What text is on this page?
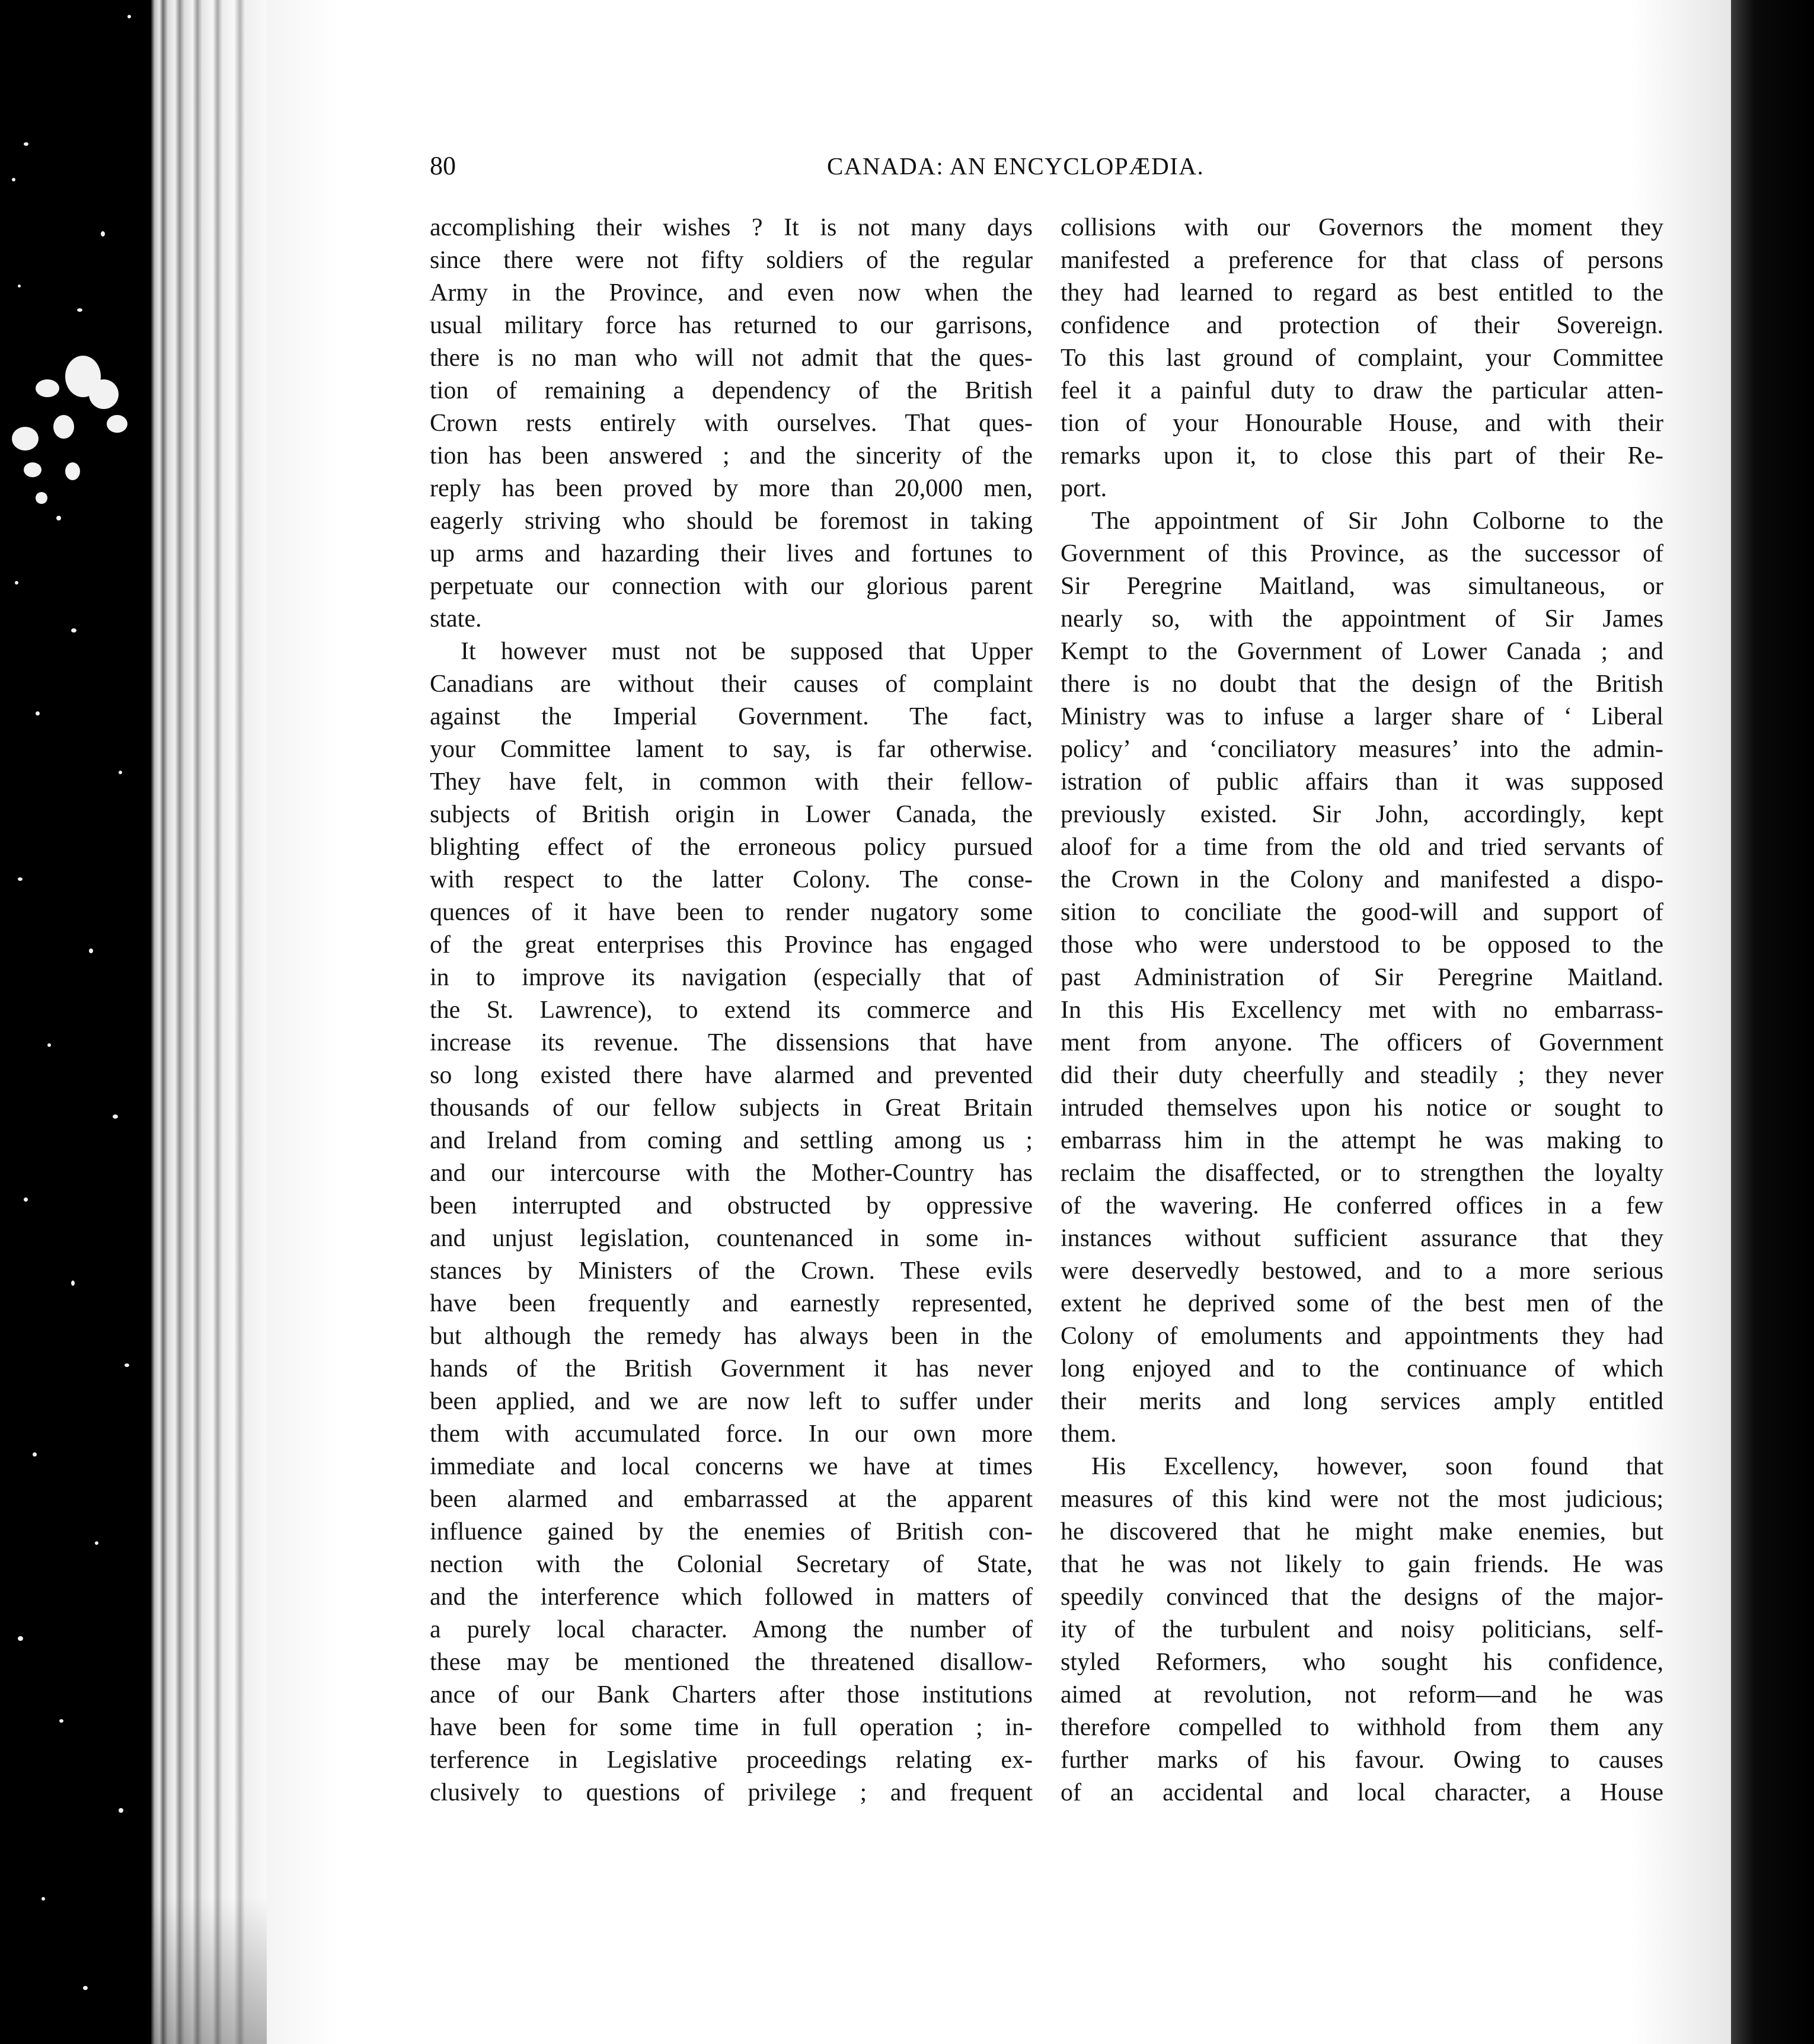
80	CANADA: AN ENCYCLOPÆDIA.
accomplishing their wishes ? It is not many days
since there were not fifty soldiers of the regular
Army in the Province, and even now when the
usual military force has returned to our garrisons,
there is no man who will not admit that the ques-
tion of remaining a dependency of the British
Crown rests entirely with ourselves. That ques-
tion has been answered ; and the sincerity of the
reply has been proved by more than 20,000 men,
eagerly striving who should be foremost in taking
up arms and hazarding their lives and fortunes to
perpetuate our connection with our glorious parent
state.
It however must not be supposed that Upper
Canadians are without their causes of complaint
against the Imperial Government. The fact,
your Committee lament to say, is far otherwise.
They have felt, in common with their fellow-
subjects of British origin in Lower Canada, the
blighting effect of the erroneous policy pursued
with respect to the latter Colony. The conse-
quences of it have been to render nugatory some
of the great enterprises this Province has engaged
in to improve its navigation (especially that of
the St. Lawrence), to extend its commerce and
increase its revenue. The dissensions that have
so long existed there have alarmed and prevented
thousands of our fellow subjects in Great Britain
and Ireland from coming and settling among us ;
and our intercourse with the Mother-Country has
been interrupted and obstructed by oppressive
and unjust legislation, countenanced in some in-
stances by Ministers of the Crown. These evils
have been frequently and earnestly represented,
but although the remedy has always been in the
hands of the British Government it has never
been applied, and we are now left to suffer under
them with accumulated force. In our own more
immediate and local concerns we have at times
been alarmed and embarrassed at the apparent
influence gained by the enemies of British con-
nection with the Colonial Secretary of State,
and the interference which followed in matters of
a purely local character. Among the number of
these may be mentioned the threatened disallow-
ance of our Bank Charters after those institutions
have been for some time in full operation ; in-
terference in Legislative proceedings relating ex-
clusively to questions of privilege ; and frequent
collisions with our Governors the moment they
manifested a preference for that class of persons
they had learned to regard as best entitled to the
confidence and protection of their Sovereign.
To this last ground of complaint, your Committee
feel it a painful duty to draw the particular atten-
tion of your Honourable House, and with their
remarks upon it, to close this part of their Re-
port.
The appointment of Sir John Colborne to the
Government of this Province, as the successor of
Sir Peregrine Maitland, was simultaneous, or
nearly so, with the appointment of Sir James
Kempt to the Government of Lower Canada ; and
there is no doubt that the design of the British
Ministry was to infuse a larger share of ‘ Liberal
policy’ and ‘conciliatory measures’ into the admin-
istration of public affairs than it was supposed
previously existed. Sir John, accordingly, kept
aloof for a time from the old and tried servants of
the Crown in the Colony and manifested a dispo-
sition to conciliate the good-will and support of
those who were understood to be opposed to the
past Administration of Sir Peregrine Maitland.
In this His Excellency met with no embarrass-
ment from anyone. The officers of Government
did their duty cheerfully and steadily ; they never
intruded themselves upon his notice or sought to
embarrass him in the attempt he was making to
reclaim the disaffected, or to strengthen the loyalty
of the wavering. He conferred offices in a few
instances without sufficient assurance that they
were deservedly bestowed, and to a more serious
extent he deprived some of the best men of the
Colony of emoluments and appointments they had
long enjoyed and to the continuance of which
their merits and long services amply entitled
them.
His Excellency, however, soon found that
measures of this kind were not the most judicious;
he discovered that he might make enemies, but
that he was not likely to gain friends. He was
speedily convinced that the designs of the major-
ity of the turbulent and noisy politicians, self-
styled Reformers, who sought his confidence,
aimed at revolution, not reform—and he was
therefore compelled to withhold from them any
further marks of his favour. Owing to causes
of an accidental and local character, a House
